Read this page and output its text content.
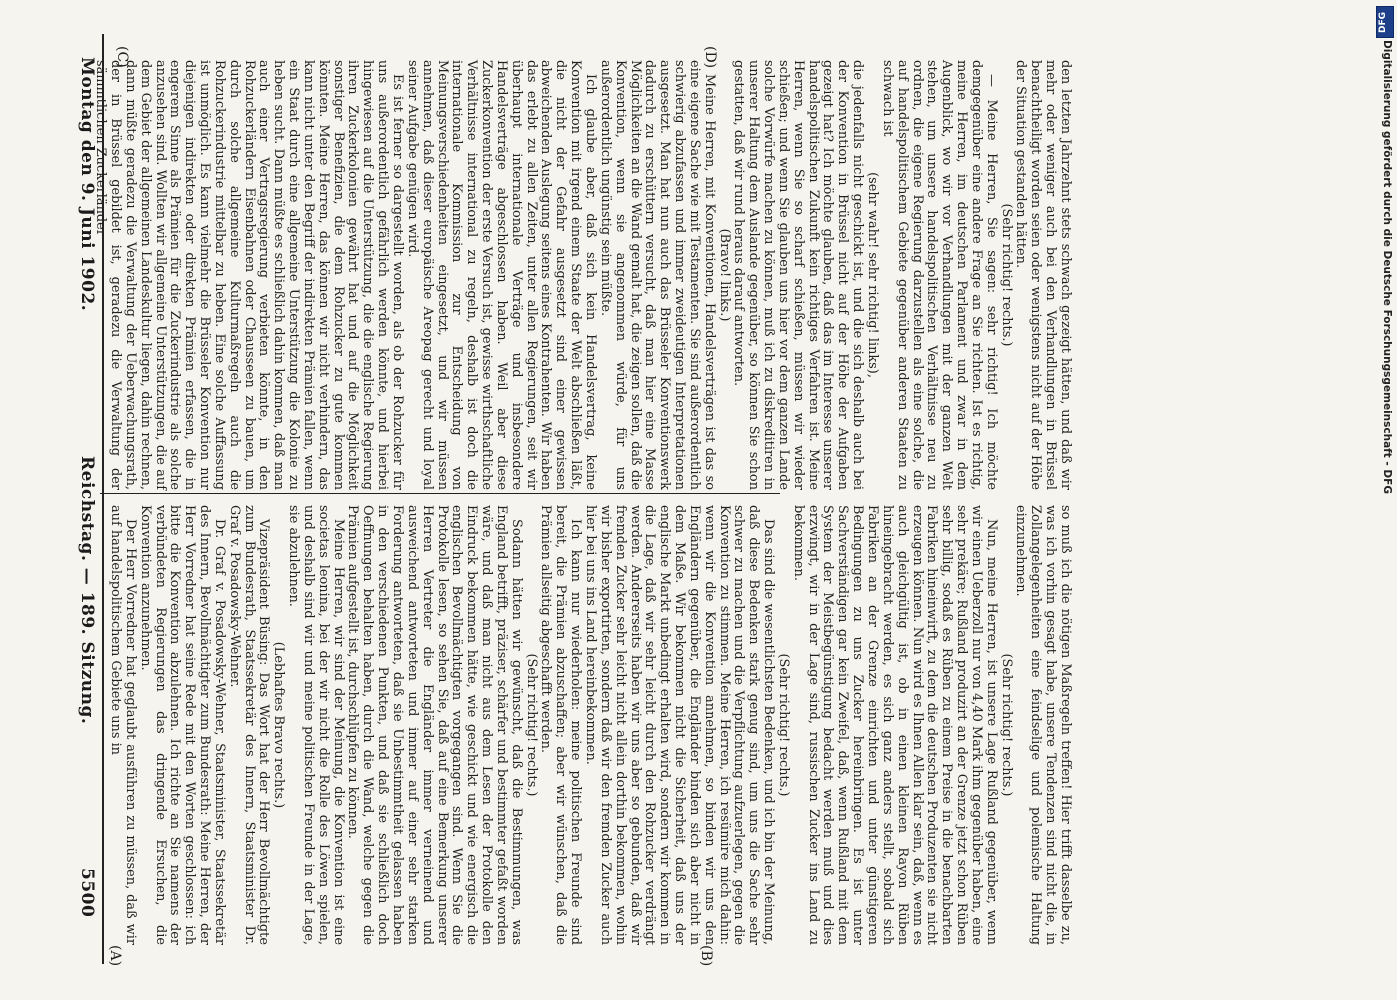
5500
Reichstag. — 189. Sitzung.
Montag den 9. Juni 1902.
(A)	(B)
(C)	(D)

so muß ich die nötigen Maßregeln treffen! Hier trifft dasselbe zu, was ich vorhin gesagt habe, unsere Tendenzen sind nicht die, in Zollangelegenheiten eine feindselige und polemische Haltung einzunehmen.

(Sehr richtig! rechts.)

Nun, meine Herren, ist unsere Lage Rußland gegenüber, wenn wir einen Ueberzoll nur von 4,40 Mark ihm gegenüber haben, eine sehr prekäre; Rußland produzirt an der Grenze jetzt schon Rüben sehr billig, sodaß es Rüben zu einem Preise in die benachbarten Fabriken hineinwirft, zu dem die deutschen Produzenten sie nicht erzeugen können. Nun wird es Ihnen Allen klar sein, daß, wenn es auch gleichgültig ist, ob in einen kleinen Rayon Rüben hineingebracht werden, es sich ganz anders stellt, sobald sich Fabriken an der Grenze einrichten und unter günstigeren Bedingungen zu uns Zucker hereinbringen. Es ist unter Sachverständigen gar kein Zweifel, daß, wenn Rußland mit dem System der Meistbegünstigung bedacht werden muß und dies erzwingt, wir in der Lage sind, russischen Zucker ins Land zu bekommen.

(Sehr richtig! rechts.)

Das sind die wesentlichsten Bedenken, und ich bin der Meinung, daß diese Bedenken stark genug sind, um uns die Sache sehr schwer zu machen und die Verpflichtung aufzuerlegen, gegen die Konvention zu stimmen. Meine Herren, ich resümire mich dahin: wenn wir die Konvention annehmen, so binden wir uns den Engländern gegenüber, die Engländer binden sich aber nicht in dem Maße. Wir bekommen nicht die Sicherheit, daß uns der englische Markt unbedingt erhalten wird, sondern wir kommen in die Lage, daß wir sehr leicht durch den Rohzucker verdrängt werden. Andererseits haben wir uns aber so gebunden, daß wir fremden Zucker sehr leicht nicht allein dorthin bekommen, wohin wir bisher exportirten, sondern daß wir den fremden Zucker auch hier bei uns ins Land hereinbekommen.

Ich kann nur wiederholen: meine politischen Freunde sind bereit, die Prämien abzuschaffen; aber wir wünschen, daß die Prämien allseitig abgeschafft werden.

(Sehr richtig! rechts.)

Sodann hätten wir gewünscht, daß die Bestimmungen, was England betrifft, präziser, schärfer und bestimmter gefaßt worden wäre, und daß man nicht aus dem Lesen der Protokolle den Eindruck bekommen hätte, wie geschickt und wie energisch die englischen Bevollmächtigten vorgegangen sind. Wenn Sie die Protokolle lesen, so sehen Sie, daß auf eine Bemerkung unserer Herren Vertreter die Engländer immer verneinend und ausweichend antworteten und immer auf einer sehr starken Forderung antworteten, daß sie Unbestimmtheit gelassen haben in den verschiedenen Punkten, und daß sie schließlich doch Oeffnungen behalten haben, durch die Wand, welche gegen die Prämien aufgestellt ist, durchschlüpfen zu können.

Meine Herren, wir sind der Meinung, die Konvention ist eine societas leonina, bei der wir nicht die Rolle des Löwen spielen, und deshalb sind wir und meine politischen Freunde in der Lage, sie abzulehnen.

(Lebhaftes Bravo rechts.)

Vizepräsident Büsing: Das Wort hat der Herr Bevollmächtigte zum Bundesrath, Staatssekretär des Innern, Staatsminister Dr. Graf v. Posadowsky-Wehner.

Dr. Graf v. Posadowsky-Wehner, Staatsminister, Staatssekretär des Innern, Bevollmächtigter zum Bundesrath: Meine Herren, der Herr Vorredner hat seine Rede mit den Worten geschlossen: ich bitte die Konvention abzulehnen. Ich richte an Sie namens der verbündeten Regierungen das dringende Ersuchen, die Konvention anzunehmen.

Der Herr Vorredner hat geglaubt ausführen zu müssen, daß wir auf handelspolitischem Gebiete uns in

den letzten Jahrzehnt stets schwach gezeigt hätten, und daß wir mehr oder weniger auch bei den Verhandlungen in Brüssel benachtheiligt worden seien oder wenigstens nicht auf der Höhe der Situation gestanden hätten.

(Sehr richtig! rechts.)

— Meine Herren, Sie sagen: sehr richtig! Ich möchte demgegenüber eine andere Frage an Sie richten. Ist es richtig, meine Herren, im deutschen Parlament und zwar in dem Augenblick, wo wir vor Verhandlungen mit der ganzen Welt stehen, um unsere handelspolitischen Verhältnisse neu zu ordnen, die eigene Regierung darzustellen als eine solche, die auf handelspolitischem Gebiete gegenüber anderen Staaten zu schwach ist

(sehr wahr! sehr richtig! links),

die jedenfalls nicht geschickt ist, und die sich deshalb auch bei der Konvention in Brüssel nicht auf der Höhe der Aufgaben gezeigt hat? Ich möchte glauben, daß das im Interesse unserer handelspolitischen Zukunft kein richtiges Verfahren ist. Meine Herren, wenn Sie so scharf schießen, müssen wir wieder schießen; und wenn Sie glauben uns hier vor dem ganzen Lande solche Vorwürfe machen zu können, muß ich zu diskreditiren in unserer Haltung dem Auslande gegenüber, so können Sie schon gestatten, daß wir rund heraus darauf antworten.

(Bravo! links.)

Meine Herren, mit Konventionen, Handelsverträgen ist das so eine eigene Sache wie mit Testamenten. Sie sind außerordentlich schwierig abzufassen und immer zweideutigen Interpretationen ausgesetzt. Man hat nun auch das Brüsseler Konventionswerk dadurch zu erschüttern versucht, daß man hier eine Masse Möglichkeiten an die Wand gemalt hat, die zeigen sollen, daß die Konvention, wenn sie angenommen würde, für uns außerordentlich ungünstig sein müßte.

Ich glaube aber, daß sich kein Handelsvertrag, keine Konvention mit irgend einem Staate der Welt abschließen läßt, die nicht der Gefahr ausgesetzt sind einer gewissen abweichenden Auslegung seitens eines Kontrahenten. Wir haben das erlebt zu allen Zeiten, unter allen Regierungen, seit wir überhaupt internationale Verträge und insbesondere Handelsverträge abgeschlossen haben. Weil aber diese Zuckerkonvention der erste Versuch ist, gewisse wirthschaftliche Verhältnisse international zu regeln, deshalb ist doch die internationale Kommission zur Entscheidung von Meinungsverschiedenheiten eingesetzt, und wir müssen annehmen, daß dieser europäische Areopag gerecht und loyal seiner Aufgabe genügen wird.

Es ist ferner so dargestellt worden, als ob der Rohzucker für uns außerordentlich gefährlich werden könnte, und hierbei hingewiesen auf die Unterstützung, die die englische Regierung ihren Zuckerkolonien gewährt hat und auf die Möglichkeit sonstiger Benefizien, die dem Rohzucker zu gute kommen könnten. Meine Herren, das können wir nicht verhindern, das kann nicht unter den Begriff der indirekten Prämien fallen, wenn ein Staat durch eine allgemeine Unterstützung die Kolonie zu heben sucht. Dann müßte es schließlich dahin kommen, daß man auch einer Vertragsregierung verbieten könnte, in den Rohzuckerländern Eisenbahnen oder Chausseen zu bauen, um durch solche allgemeine Kulturmaßregeln auch die Rohzuckerindustrie mittelbar zu heben. Eine solche Auffassung ist unmöglich. Es kann vielmehr die Brüsseler Konvention nur diejenigen indirekten oder direkten Prämien erfassen, die in engerem Sinne als Prämien für die Zuckerindustrie als solche anzusehen sind. Wollten wir allgemeine Unterstützungen, die auf dem Gebiet der allgemeinen Landeskultur liegen, dahin rechnen, dann müßte geradezu die Verwaltung der Ueberwachungsrath, der in Brüssel gebildet ist, geradezu die Verwaltung der sämmtlichen Zuckerländer	Digitalisierung gefördert durch die Deutsche Forschungsgemeinschaft - DFG
DFG
